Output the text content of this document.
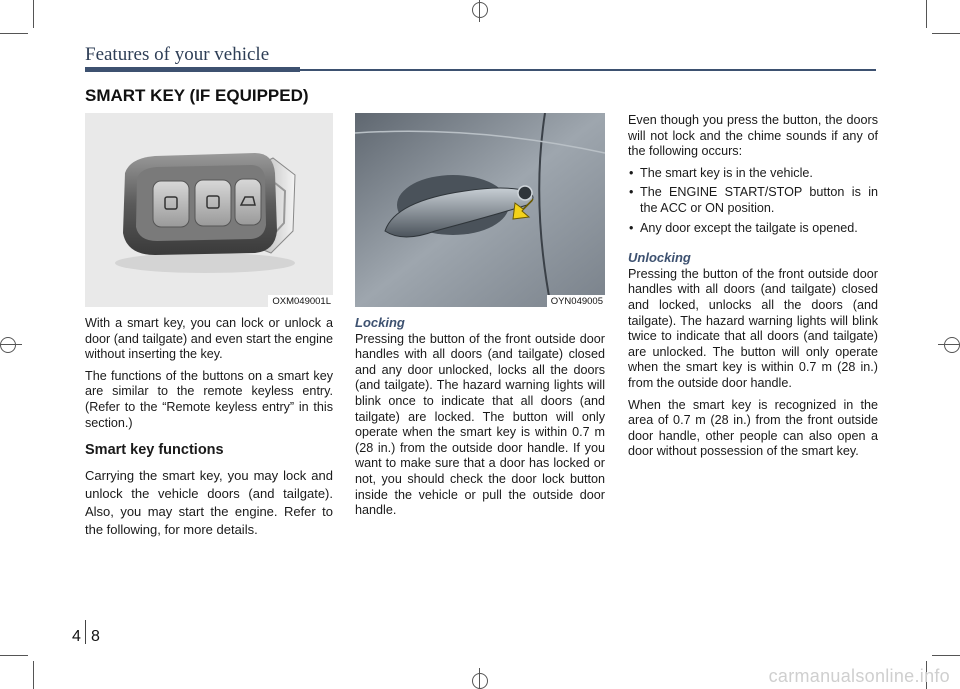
Features of your vehicle
SMART KEY (IF EQUIPPED)
OXM049001L	OYN049005

With a smart key, you can lock or unlock a door (and tailgate) and even start the engine without inserting the key.

The functions of the buttons on a smart key are similar to the remote keyless entry. (Refer to the “Remote keyless entry” in this section.)

Smart key functions

Carrying the smart key, you may lock and unlock the vehicle doors (and tailgate). Also, you may start the engine. Refer to the following, for more details.

Locking

Pressing the button of the front outside door handles with all doors (and tailgate) closed and any door unlocked, locks all the doors (and tailgate). The hazard warning lights will blink once to indicate that all doors (and tailgate) are locked. The button will only operate when the smart key is within 0.7 m (28 in.) from the outside door handle. If you want to make sure that a door has locked or not, you should check the door lock button inside the vehicle or pull the outside door handle.

Even though you press the button, the doors will not lock and the chime sounds if any of the following occurs:

• The smart key is in the vehicle.
• The ENGINE START/STOP button is in the ACC or ON position.
• Any door except the tailgate is opened.
Unlocking

Pressing the button of the front outside door handles with all doors (and tailgate) closed and locked, unlocks all the doors (and tailgate). The hazard warning lights will blink twice to indicate that all doors (and tailgate) are unlocked. The button will only operate when the smart key is within 0.7 m (28 in.) from the outside door handle.

When the smart key is recognized in the area of 0.7 m (28 in.) from the front outside door handle, other people can also open a door without possession of the smart key.

4 8
carmanualsonline.info
